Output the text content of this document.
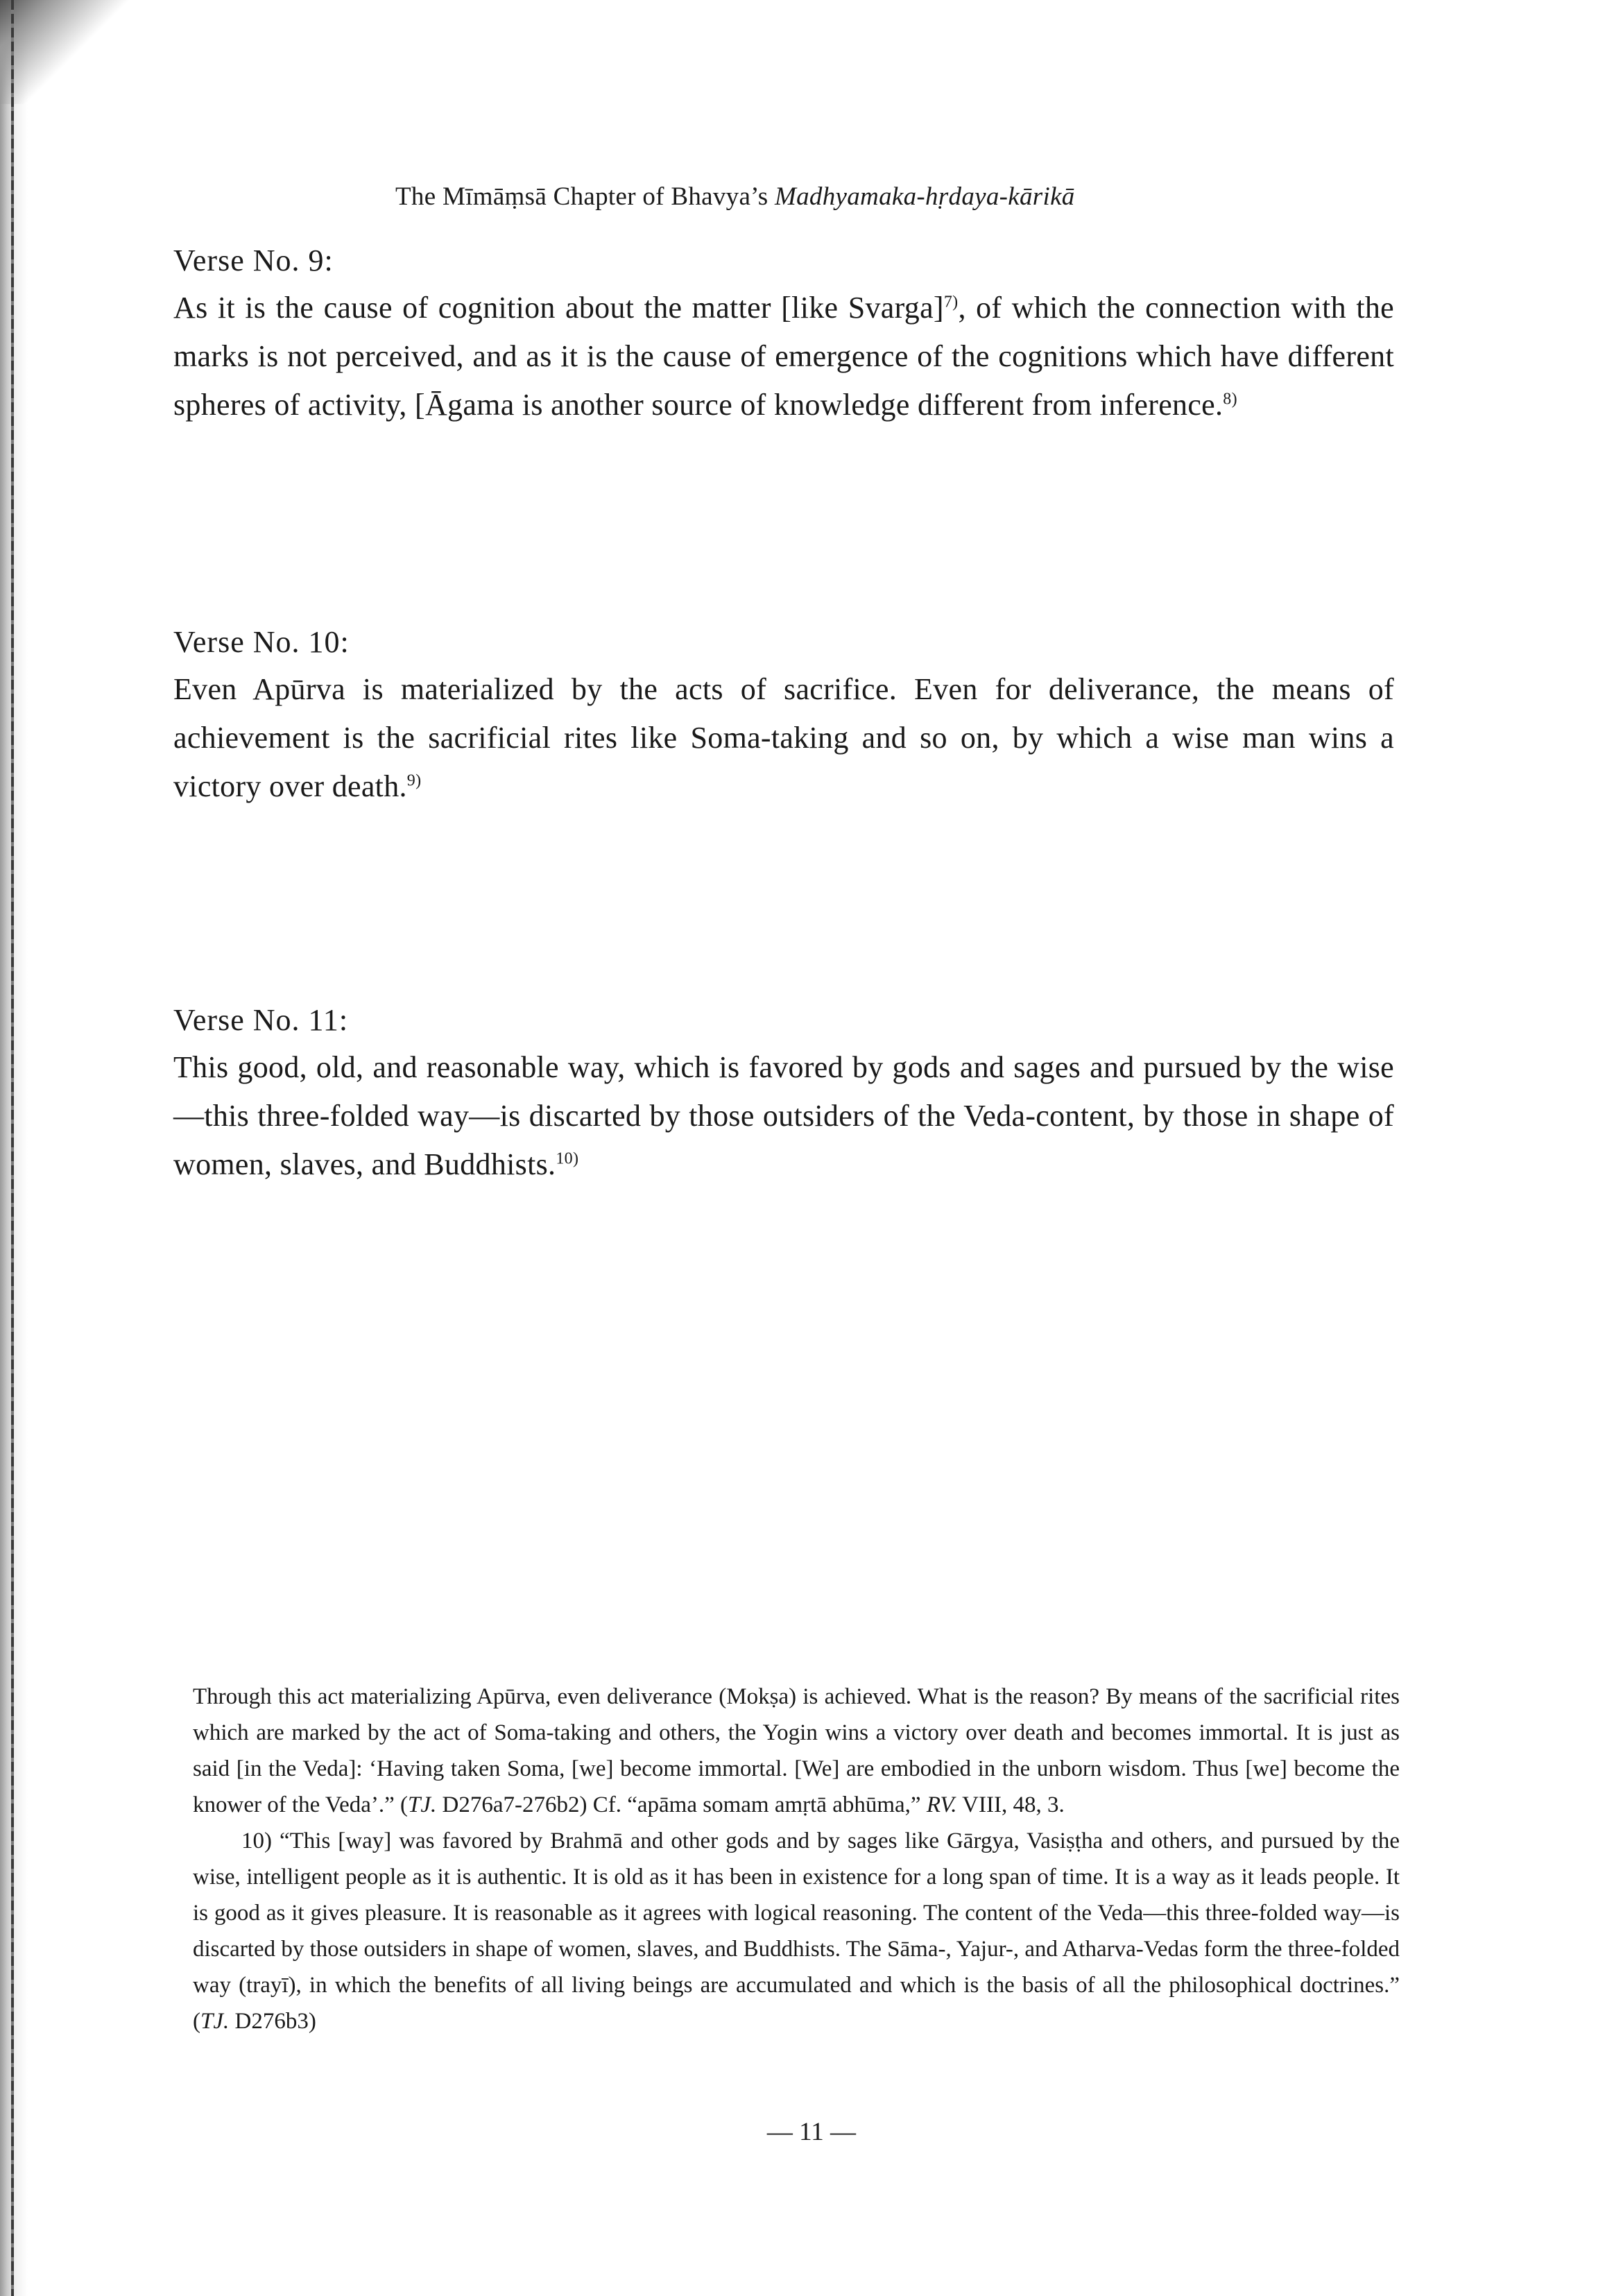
The Mīmāṃsā Chapter of Bhavya’s Madhyamaka-hṛdaya-kārikā
Verse No. 9:
As it is the cause of cognition about the matter [like Svarga]$^{7)}$, of which the connection with the marks is not perceived, and as it is the cause of emergence of the cognitions which have different spheres of activity, [Āgama is another source of knowledge different from inference.$^{8)}$
Verse No. 10:
Even Apūrva is materialized by the acts of sacrifice. Even for deliverance, the means of achievement is the sacrificial rites like Soma-taking and so on, by which a wise man wins a victory over death.$^{9)}$
Verse No. 11:
This good, old, and reasonable way, which is favored by gods and sages and pursued by the wise—this three-folded way—is discarted by those outsiders of the Veda-content, by those in shape of women, slaves, and Buddhists.$^{10)}$

Through this act materializing Apūrva, even deliverance (Mokṣa) is achieved. What is the reason? By means of the sacrificial rites which are marked by the act of Soma-taking and others, the Yogin wins a victory over death and becomes immortal. It is just as said [in the Veda]: ‘Having taken Soma, [we] become immortal. [We] are embodied in the unborn wisdom. Thus [we] become the knower of the Veda’.” (TJ. D276a7-276b2) Cf. “apāma somam amṛtā abhūma,” RV. VIII, 48, 3.

10) “This [way] was favored by Brahmā and other gods and by sages like Gārgya, Vasiṣṭha and others, and pursued by the wise, intelligent people as it is authentic. It is old as it has been in existence for a long span of time. It is a way as it leads people. It is good as it gives pleasure. It is reasonable as it agrees with logical reasoning. The content of the Veda—this three-folded way—is discarted by those outsiders in shape of women, slaves, and Buddhists. The Sāma-, Yajur-, and Atharva-Vedas form the three-folded way (trayī), in which the benefits of all living beings are accumulated and which is the basis of all the philosophical doctrines.” (TJ. D276b3)

— 11 —
